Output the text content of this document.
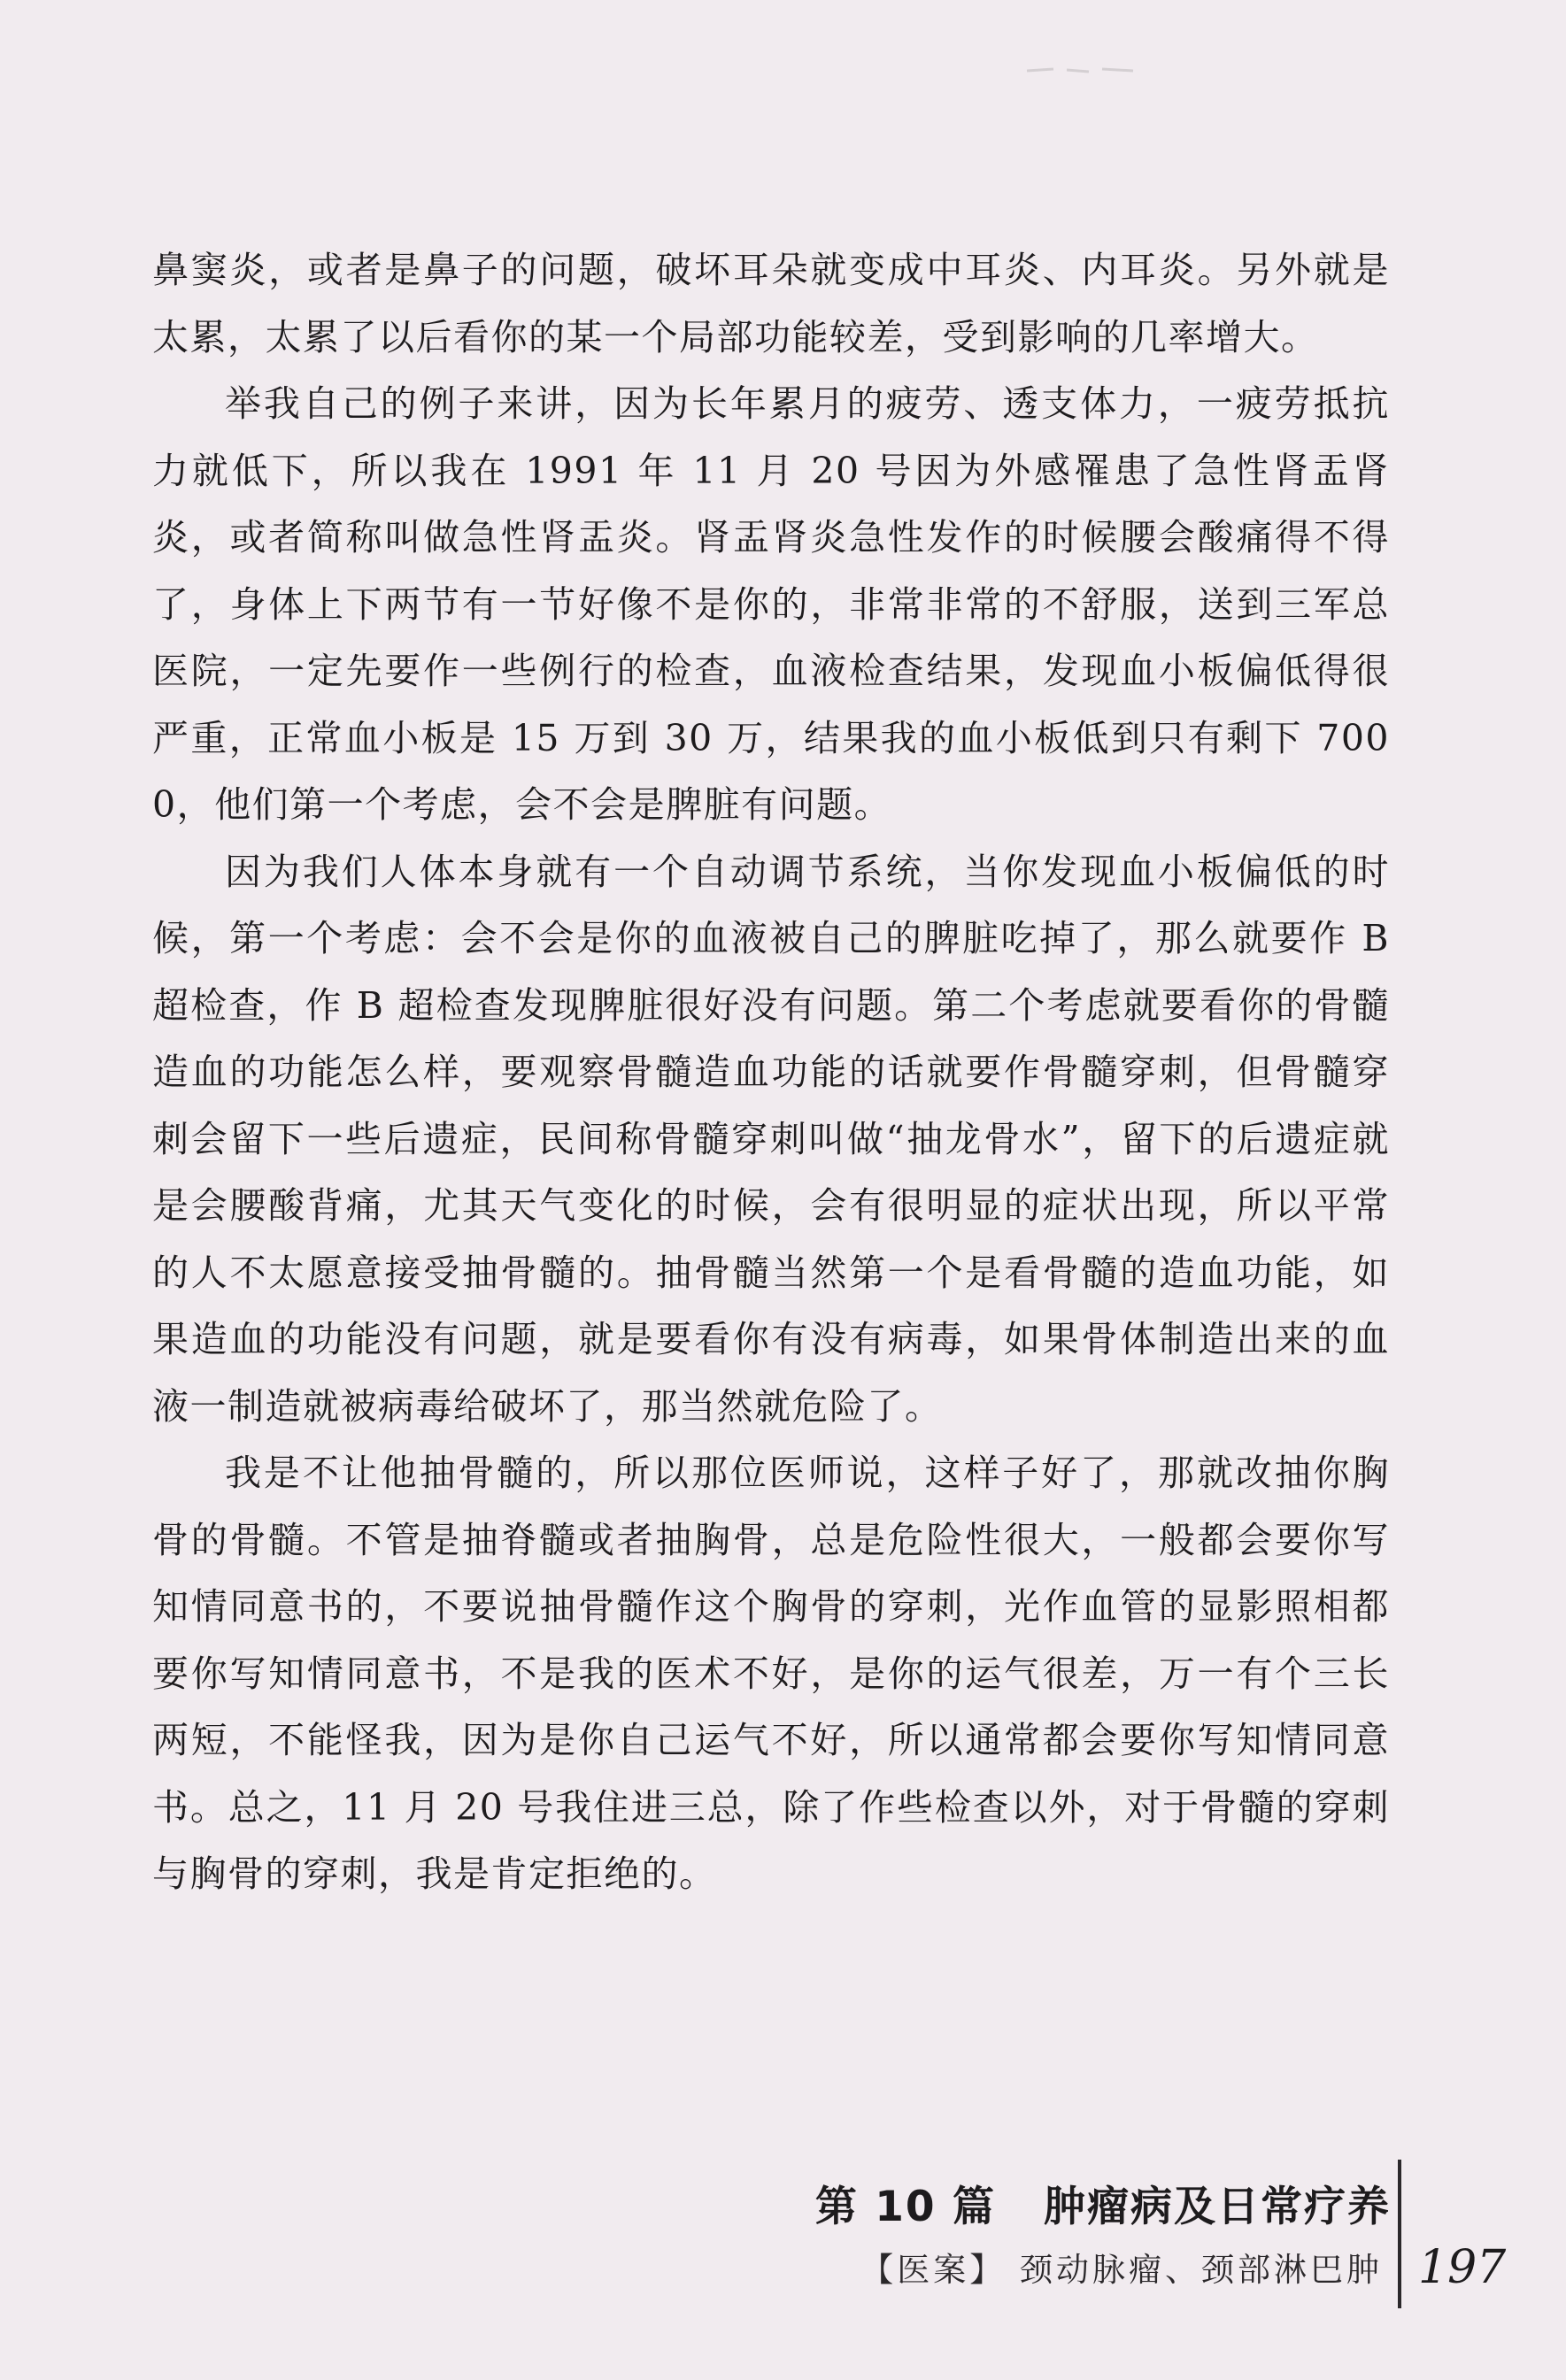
鼻窦炎，或者是鼻子的问题，破坏耳朵就变成中耳炎、内耳炎。另外就是太累，太累了以后看你的某一个局部功能较差，受到影响的几率增大。

举我自己的例子来讲，因为长年累月的疲劳、透支体力，一疲劳抵抗力就低下，所以我在 1991 年 11 月 20 号因为外感罹患了急性肾盂肾炎，或者简称叫做急性肾盂炎。肾盂肾炎急性发作的时候腰会酸痛得不得了，身体上下两节有一节好像不是你的，非常非常的不舒服，送到三军总医院，一定先要作一些例行的检查，血液检查结果，发现血小板偏低得很严重，正常血小板是 15 万到 30 万，结果我的血小板低到只有剩下 7000，他们第一个考虑，会不会是脾脏有问题。

因为我们人体本身就有一个自动调节系统，当你发现血小板偏低的时候，第一个考虑：会不会是你的血液被自己的脾脏吃掉了，那么就要作 B 超检查，作 B 超检查发现脾脏很好没有问题。第二个考虑就要看你的骨髓造血的功能怎么样，要观察骨髓造血功能的话就要作骨髓穿刺，但骨髓穿刺会留下一些后遗症，民间称骨髓穿刺叫做“抽龙骨水”，留下的后遗症就是会腰酸背痛，尤其天气变化的时候，会有很明显的症状出现，所以平常的人不太愿意接受抽骨髓的。抽骨髓当然第一个是看骨髓的造血功能，如果造血的功能没有问题，就是要看你有没有病毒，如果骨体制造出来的血液一制造就被病毒给破坏了，那当然就危险了。

我是不让他抽骨髓的，所以那位医师说，这样子好了，那就改抽你胸骨的骨髓。不管是抽脊髓或者抽胸骨，总是危险性很大，一般都会要你写知情同意书的，不要说抽骨髓作这个胸骨的穿刺，光作血管的显影照相都要你写知情同意书，不是我的医术不好，是你的运气很差，万一有个三长两短，不能怪我，因为是你自己运气不好，所以通常都会要你写知情同意书。总之，11 月 20 号我住进三总，除了作些检查以外，对于骨髓的穿刺与胸骨的穿刺，我是肯定拒绝的。

第 10 篇 肿瘤病及日常疗养
【医案】 颈动脉瘤、颈部淋巴肿 197
